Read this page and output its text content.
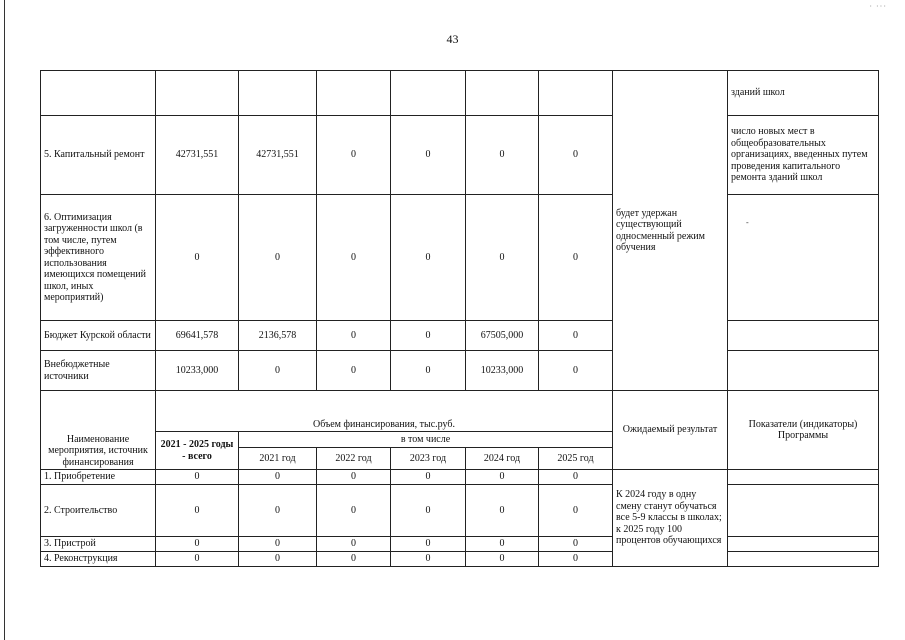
· ···
43
							будет удержан существующий односменный режим обучения	зданий школ
5. Капитальный ремонт	42731,551	42731,551	0	0	0	0		число новых мест в общеобразовательных организациях, введенных путем проведения капитального ремонта зданий школ
6. Оптимизация загруженности школ (в том числе, путем эффективного использования имеющихся помещений школ, иных мероприятий)	0	0	0	0	0	0		
Бюджет Курской области	69641,578	2136,578	0	0	67505,000	0		
Внебюджетные источники	10233,000	0	0	0	10233,000	0		
Наименование мероприятия, источник финансирования	Объем финансирования, тыс.руб.						Ожидаемый результат	Показатели (индикаторы) Программы
	2021 - 2025 годы - всего	в том числе						
		2021 год	2022 год	2023 год	2024 год	2025 год		
1. Приобретение	0	0	0	0	0	0	К 2024 году в одну смену станут обучаться все 5-9 классы в школах; к 2025 году 100 процентов обучающихся	
2. Строительство	0	0	0	0	0	0		
3. Пристрой	0	0	0	0	0	0		
4. Реконструкция	0	0	0	0	0	0		
-
